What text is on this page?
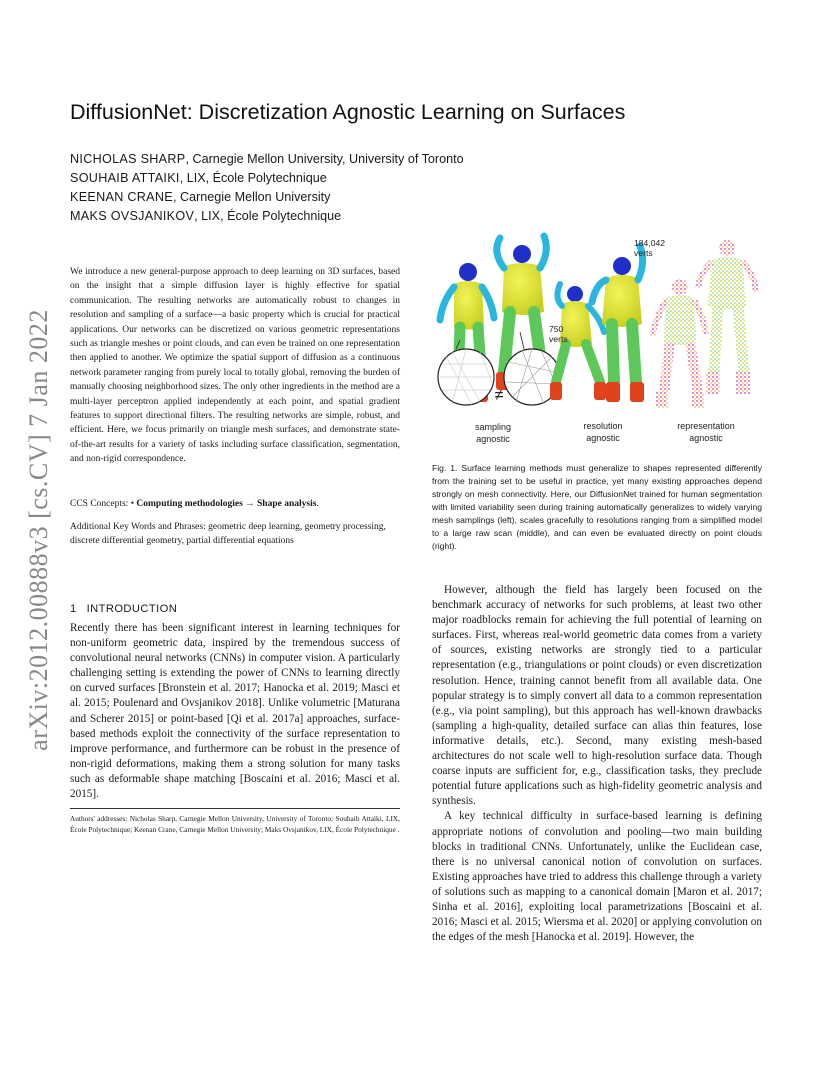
DiffusionNet: Discretization Agnostic Learning on Surfaces
NICHOLAS SHARP, Carnegie Mellon University, University of Toronto
SOUHAIB ATTAIKI, LIX, École Polytechnique
KEENAN CRANE, Carnegie Mellon University
MAKS OVSJANIKOV, LIX, École Polytechnique
arXiv:2012.00888v3 [cs.CV] 7 Jan 2022
We introduce a new general-purpose approach to deep learning on 3D surfaces, based on the insight that a simple diffusion layer is highly effective for spatial communication. The resulting networks are automatically robust to changes in resolution and sampling of a surface—a basic property which is crucial for practical applications. Our networks can be discretized on various geometric representations such as triangle meshes or point clouds, and can even be trained on one representation then applied to another. We optimize the spatial support of diffusion as a continuous network parameter ranging from purely local to totally global, removing the burden of manually choosing neighborhood sizes. The only other ingredients in the method are a multi-layer perceptron applied independently at each point, and spatial gradient features to support directional filters. The resulting networks are simple, robust, and efficient. Here, we focus primarily on triangle mesh surfaces, and demonstrate state-of-the-art results for a variety of tasks including surface classification, segmentation, and non-rigid correspondence.
CCS Concepts: • Computing methodologies → Shape analysis.
Additional Key Words and Phrases: geometric deep learning, geometry processing, discrete differential geometry, partial differential equations
1 INTRODUCTION
Recently there has been significant interest in learning techniques for non-uniform geometric data, inspired by the tremendous success of convolutional neural networks (CNNs) in computer vision. A particularly challenging setting is extending the power of CNNs to learning directly on curved surfaces [Bronstein et al. 2017; Hanocka et al. 2019; Masci et al. 2015; Poulenard and Ovsjanikov 2018]. Unlike volumetric [Maturana and Scherer 2015] or point-based [Qi et al. 2017a] approaches, surface-based methods exploit the connectivity of the surface representation to improve performance, and furthermore can be robust in the presence of non-rigid deformations, making them a strong solution for many tasks such as deformable shape matching [Boscaini et al. 2016; Masci et al. 2015].
Authors' addresses: Nicholas Sharp, Carnegie Mellon University, University of Toronto; Souhaib Attaiki, LIX, École Polytechnique; Keenan Crane, Carnegie Mellon University; Maks Ovsjanikov, LIX, École Polytechnique .
≠
750
verts
184,042
verts
sampling
agnostic
resolution
agnostic
representation
agnostic
Fig. 1. Surface learning methods must generalize to shapes represented differently from the training set to be useful in practice, yet many existing approaches depend strongly on mesh connectivity. Here, our DiffusionNet trained for human segmentation with limited variability seen during training automatically generalizes to widely varying mesh samplings (left), scales gracefully to resolutions ranging from a simplified model to a large raw scan (middle), and can even be evaluated directly on point clouds (right).

However, although the field has largely been focused on the benchmark accuracy of networks for such problems, at least two other major roadblocks remain for achieving the full potential of learning on surfaces. First, whereas real-world geometric data comes from a variety of sources, existing networks are strongly tied to a particular representation (e.g., triangulations or point clouds) or even discretization resolution. Hence, training cannot benefit from all available data. One popular strategy is to simply convert all data to a common representation (e.g., via point sampling), but this approach has well-known drawbacks (sampling a high-quality, detailed surface can alias thin features, lose informative details, etc.). Second, many existing mesh-based architectures do not scale well to high-resolution surface data. Though coarse inputs are sufficient for, e.g., classification tasks, they preclude potential future applications such as high-fidelity geometric analysis and synthesis.

A key technical difficulty in surface-based learning is defining appropriate notions of convolution and pooling—two main building blocks in traditional CNNs. Unfortunately, unlike the Euclidean case, there is no universal canonical notion of convolution on surfaces. Existing approaches have tried to address this challenge through a variety of solutions such as mapping to a canonical domain [Maron et al. 2017; Sinha et al. 2016], exploiting local parametrizations [Boscaini et al. 2016; Masci et al. 2015; Wiersma et al. 2020] or applying convolution on the edges of the mesh [Hanocka et al. 2019]. However, the
